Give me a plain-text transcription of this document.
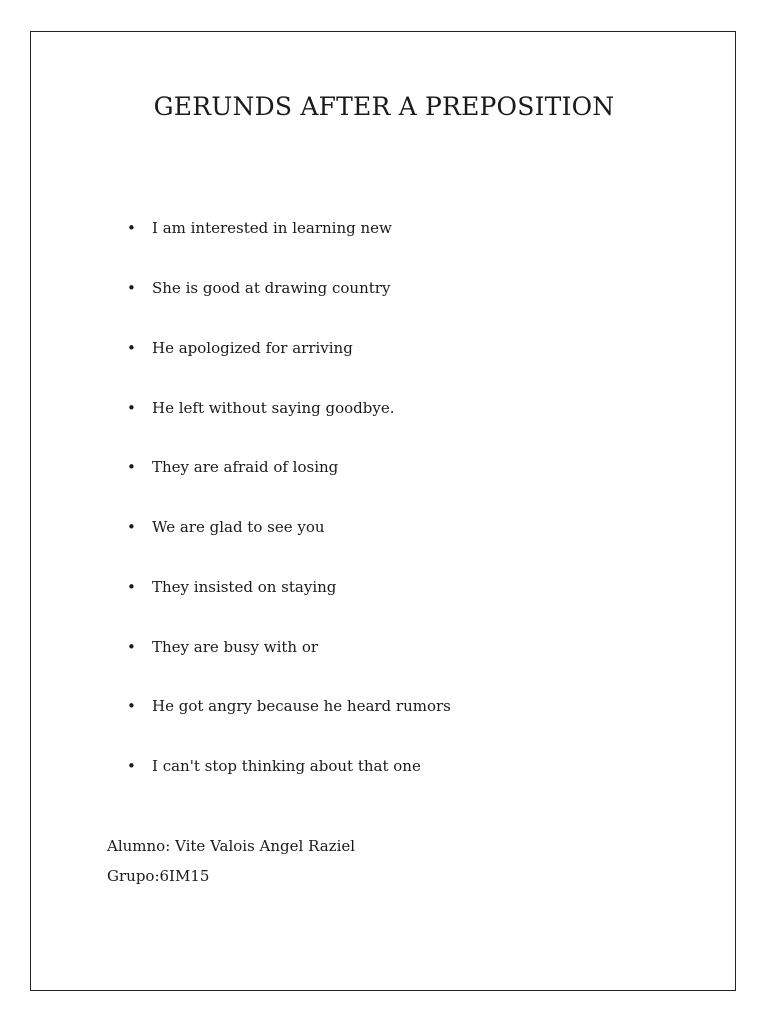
GERUNDS AFTER A PREPOSITION
• I am interested in learning new
• She is good at drawing country
• He apologized for arriving
• He left without saying goodbye.
• They are afraid of losing
• We are glad to see you
• They insisted on staying
• They are busy with or
• He got angry because he heard rumors
• I can't stop thinking about that one
Alumno: Vite Valois Angel Raziel
Grupo:6IM15
